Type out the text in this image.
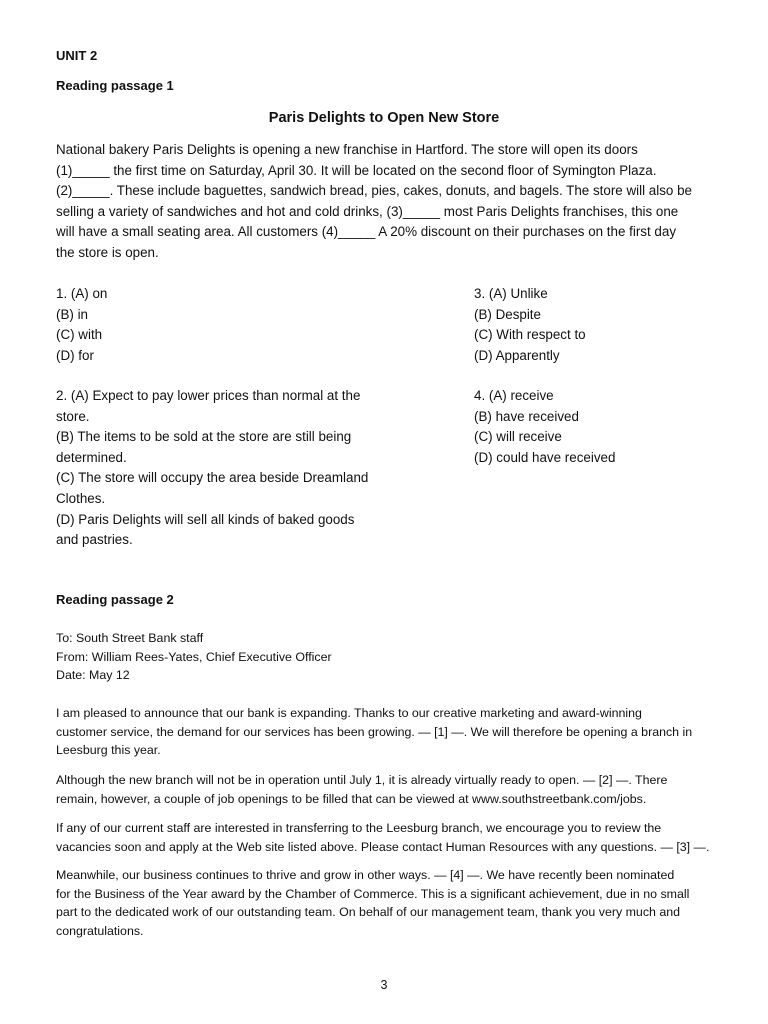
UNIT 2
Reading passage 1
Paris Delights to Open New Store
National bakery Paris Delights is opening a new franchise in Hartford. The store will open its doors
(1)_____ the first time on Saturday, April 30. It will be located on the second floor of Symington Plaza.
(2)_____. These include baguettes, sandwich bread, pies, cakes, donuts, and bagels. The store will also be
selling a variety of sandwiches and hot and cold drinks, (3)_____ most Paris Delights franchises, this one
will have a small seating area. All customers (4)_____ A 20% discount on their purchases on the first day
the store is open.
1. (A) on
(B) in
(C) with
(D) for
3. (A) Unlike
(B) Despite
(C) With respect to
(D) Apparently
2. (A) Expect to pay lower prices than normal at the
store.
(B) The items to be sold at the store are still being
determined.
(C) The store will occupy the area beside Dreamland
Clothes.
(D) Paris Delights will sell all kinds of baked goods
and pastries.
4. (A) receive
(B) have received
(C) will receive
(D) could have received
Reading passage 2
To: South Street Bank staff
From: William Rees-Yates, Chief Executive Officer
Date: May 12
I am pleased to announce that our bank is expanding. Thanks to our creative marketing and award-winning
customer service, the demand for our services has been growing. — [1] —. We will therefore be opening a branch in
Leesburg this year.
Although the new branch will not be in operation until July 1, it is already virtually ready to open. — [2] —. There
remain, however, a couple of job openings to be filled that can be viewed at www.southstreetbank.com/jobs.
If any of our current staff are interested in transferring to the Leesburg branch, we encourage you to review the
vacancies soon and apply at the Web site listed above. Please contact Human Resources with any questions. — [3] —.
Meanwhile, our business continues to thrive and grow in other ways. — [4] —. We have recently been nominated
for the Business of the Year award by the Chamber of Commerce. This is a significant achievement, due in no small
part to the dedicated work of our outstanding team. On behalf of our management team, thank you very much and
congratulations.
3
